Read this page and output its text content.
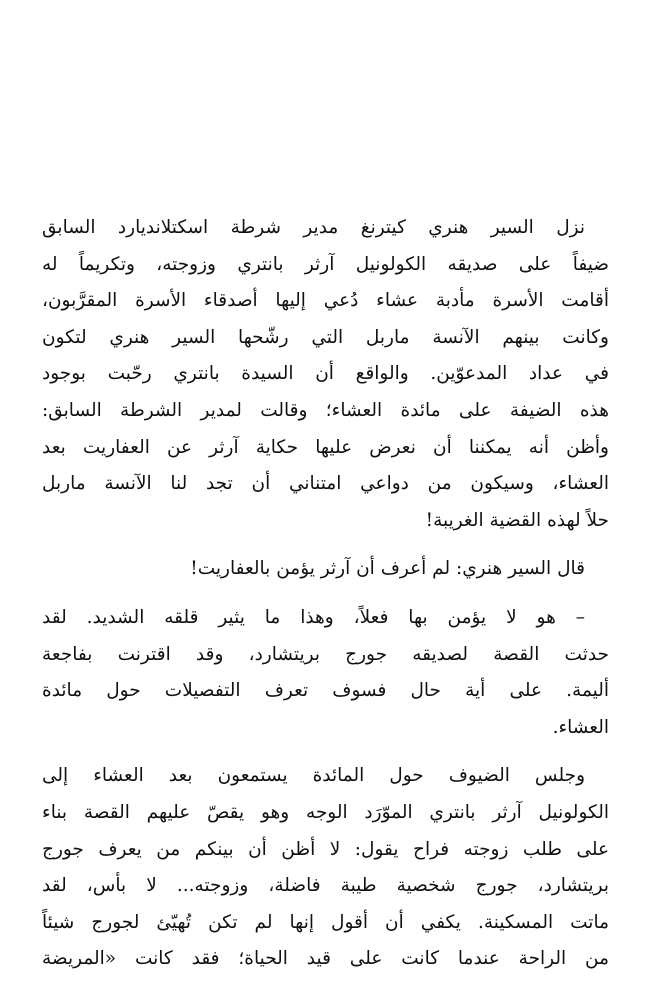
نزل السير هنري كيترنغ مدير شرطة اسكتلانديارد السابق
ضيفاً على صديقه الكولونيل آرثر بانتري وزوجته، وتكريماً له
أقامت الأسرة مأدبة عشاء دُعي إليها أصدقاء الأسرة المقرَّبون،
وكانت بينهم الآنسة ماربل التي رشّحها السير هنري لتكون
في عداد المدعوّين. والواقع أن السيدة بانتري رحّبت بوجود
هذه الضيفة على مائدة العشاء؛ وقالت لمدير الشرطة السابق:
وأظن أنه يمكننا أن نعرض عليها حكاية آرثر عن العفاريت بعد
العشاء، وسيكون من دواعي امتناني أن تجد لنا الآنسة ماربل
حلاً لهذه القضية الغريبة!

قال السير هنري: لم أعرف أن آرثر يؤمن بالعفاريت!

– هو لا يؤمن بها فعلاً، وهذا ما يثير قلقه الشديد. لقد
حدثت القصة لصديقه جورج بريتشارد، وقد اقترنت بفاجعة
أليمة. على أية حال فسوف تعرف التفصيلات حول مائدة
العشاء.

وجلس الضيوف حول المائدة يستمعون بعد العشاء إلى
الكولونيل آرثر بانتري الموّرَد الوجه وهو يقصّ عليهم القصة بناء
على طلب زوجته فراح يقول: لا أظن أن بينكم من يعرف جورج
بريتشارد، جورج شخصية طيبة فاضلة، وزوجته... لا بأس، لقد
ماتت المسكينة. يكفي أن أقول إنها لم تكن تُهيّئ لجورج شيئاً
من الراحة عندما كانت على قيد الحياة؛ فقد كانت «المريضة
